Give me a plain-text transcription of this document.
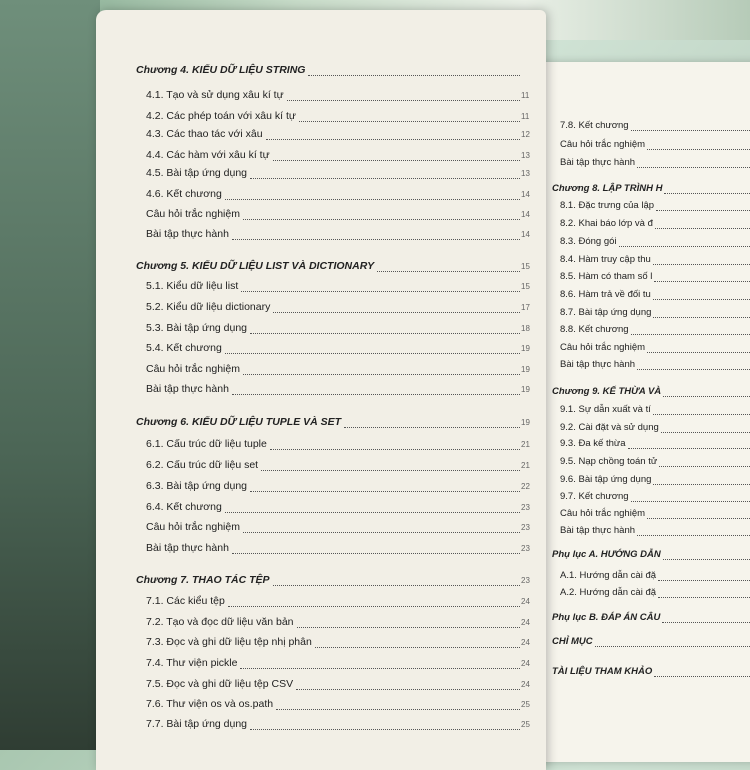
7.8. Kết chương
Câu hỏi trắc nghiệm
Bài tập thực hành
Chương 8. LẬP TRÌNH H
8.1. Đặc trưng của lập
8.2. Khai báo lớp và đ
8.3. Đóng gói
8.4. Hàm truy cập thu
8.5. Hàm có tham số l
8.6. Hàm trả về đối tu
8.7. Bài tập ứng dụng
8.8. Kết chương
Câu hỏi trắc nghiệm
Bài tập thực hành
Chương 9. KẾ THỪA VÀ
9.1. Sự dẫn xuất và tí
9.2. Cài đặt và sử dụng
9.3. Đa kế thừa
9.5. Nạp chồng toán tử
9.6. Bài tập ứng dụng
9.7. Kết chương
Câu hỏi trắc nghiệm
Bài tập thực hành
Phụ lục A. HƯỚNG DẪN
A.1. Hướng dẫn cài đặ
A.2. Hướng dẫn cài đặ
Phụ lục B. ĐÁP ÁN CÂU
CHỈ MỤC
TÀI LIỆU THAM KHẢO
Chương 4. KIỂU DỮ LIỆU STRING
4.1. Tạo và sử dụng xâu kí tự	11
4.2. Các phép toán với xâu kí tự	11
4.3. Các thao tác với xâu	12
4.4. Các hàm với xâu kí tự	13
4.5. Bài tập ứng dụng	13
4.6. Kết chương	14
Câu hỏi trắc nghiệm	14
Bài tập thực hành	14
Chương 5. KIỂU DỮ LIỆU LIST VÀ DICTIONARY	15
5.1. Kiểu dữ liệu list	15
5.2. Kiểu dữ liệu dictionary	17
5.3. Bài tập ứng dụng	18
5.4. Kết chương	19
Câu hỏi trắc nghiệm	19
Bài tập thực hành	19
Chương 6. KIỂU DỮ LIỆU TUPLE VÀ SET	19
6.1. Cấu trúc dữ liệu tuple	21
6.2. Cấu trúc dữ liệu set	21
6.3. Bài tập ứng dụng	22
6.4. Kết chương	23
Câu hỏi trắc nghiệm	23
Bài tập thực hành	23
Chương 7. THAO TÁC TỆP	23
7.1. Các kiểu tệp	24
7.2. Tạo và đọc dữ liệu văn bản	24
7.3. Đọc và ghi dữ liệu tệp nhị phân	24
7.4. Thư viện pickle	24
7.5. Đọc và ghi dữ liệu tệp CSV	24
7.6. Thư viện os và os.path	25
7.7. Bài tập ứng dụng	25
